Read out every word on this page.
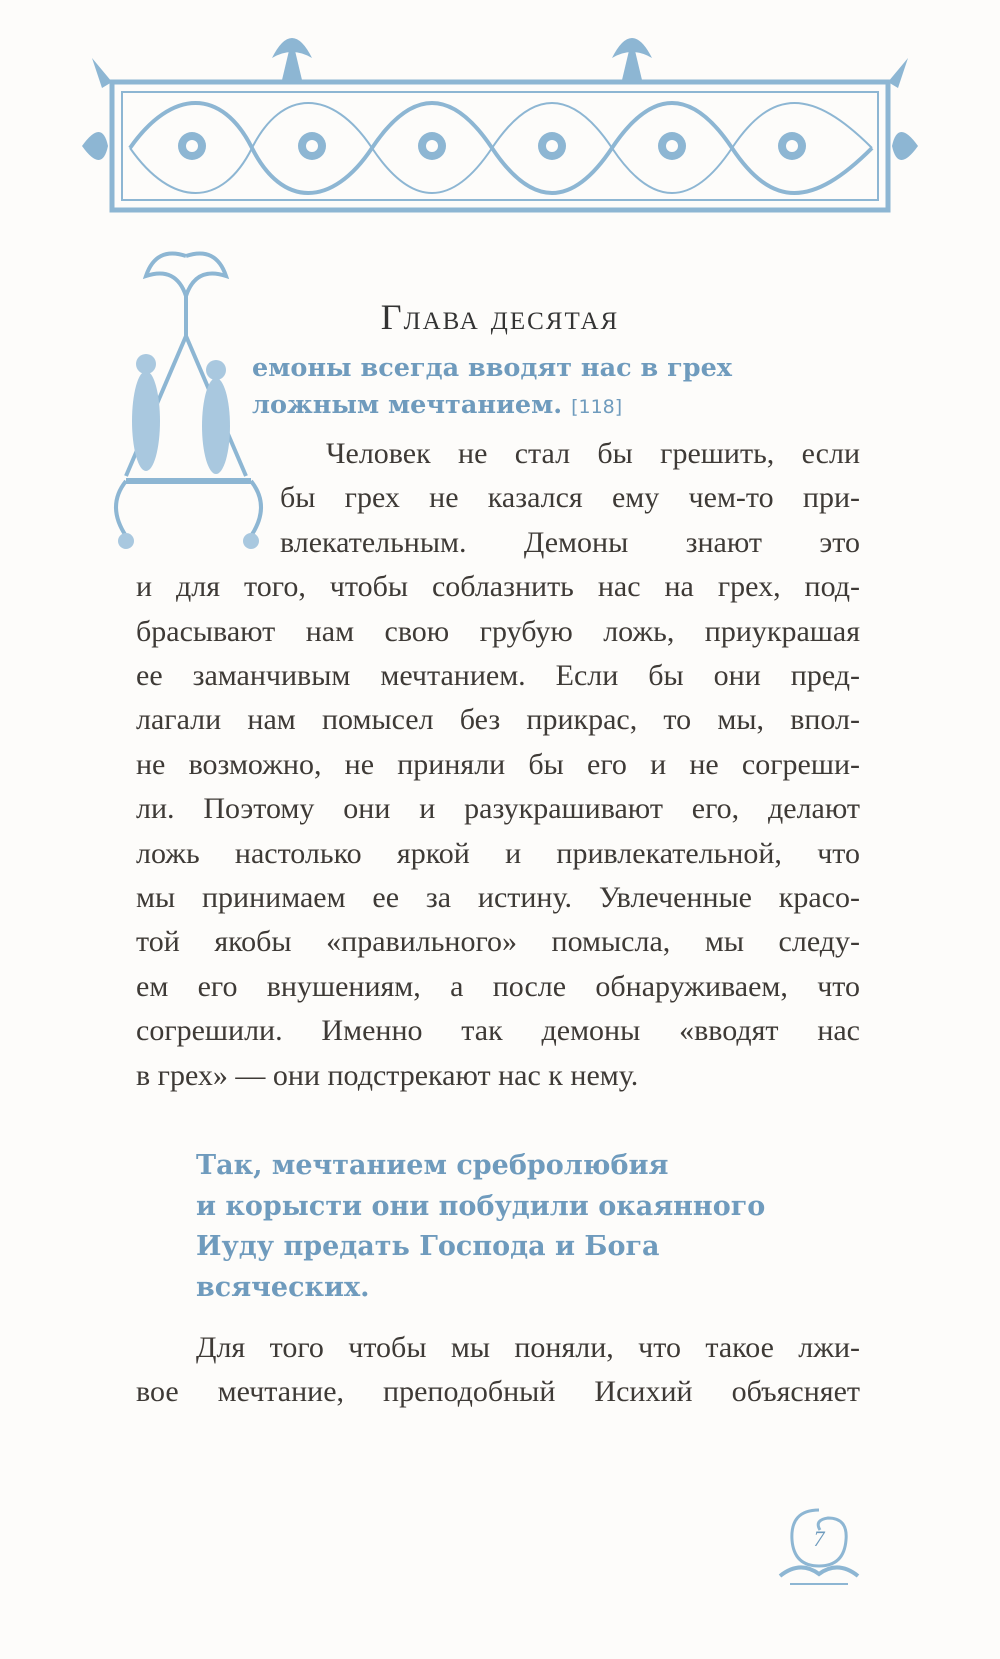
Глава десятая
емоны всегда вводят нас в грех
ложным мечтанием. [118]
Человек не стал бы грешить, если
бы грех не казался ему чем-то при-
влекательным. Демоны знают это
и для того, чтобы соблазнить нас на грех, под-
брасывают нам свою грубую ложь, приукрашая
ее заманчивым мечтанием. Если бы они пред-
лагали нам помысел без прикрас, то мы, впол-
не возможно, не приняли бы его и не согреши-
ли. Поэтому они и разукрашивают его, делают
ложь настолько яркой и привлекательной, что
мы принимаем ее за истину. Увлеченные красо-
той якобы «правильного» помысла, мы следу-
ем его внушениям, а после обнаруживаем, что
согрешили. Именно так демоны «вводят нас
в грех» — они подстрекают нас к нему.
Так, мечтанием сребролюбия
и корысти они побудили окаянного
Иуду предать Господа и Бога
всяческих.
Для того чтобы мы поняли, что такое лжи-
вое мечтание, преподобный Исихий объясняет
7
